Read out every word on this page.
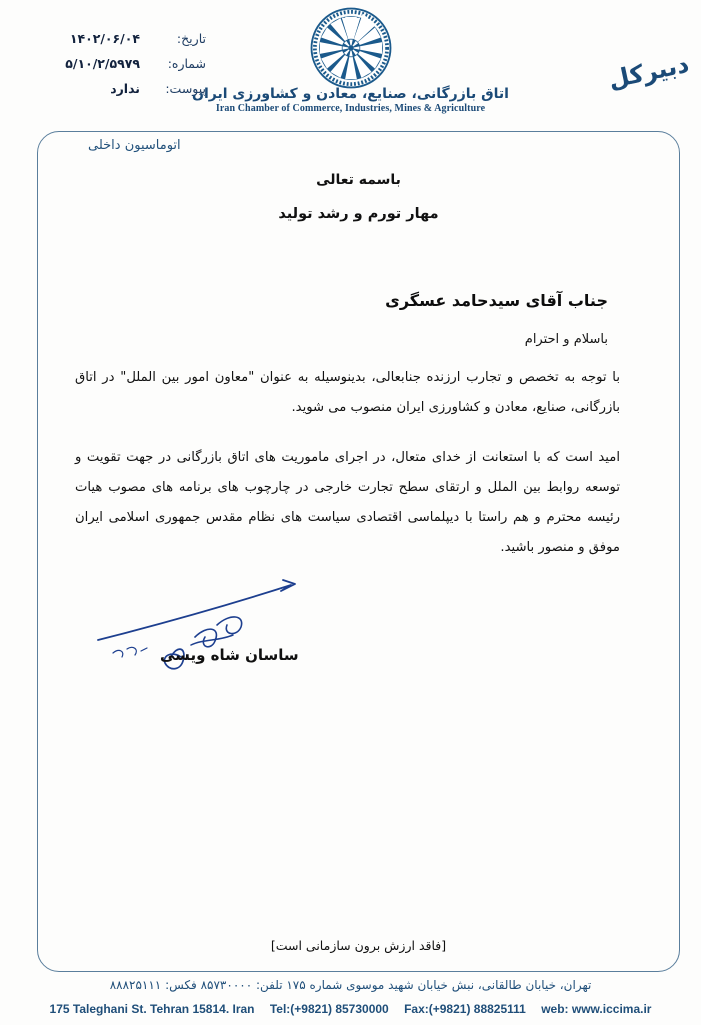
تاریخ:
۱۴۰۲/۰۶/۰۴
شماره:
۵/۱۰/۲/۵۹۷۹
پیوست:
ندارد	اتاق بازرگانی، صنایع، معادن و کشاورزی ایران
Iran Chamber of Commerce, Industries, Mines & Agriculture
دبیرکل
اتوماسیون داخلی
باسمه تعالی
مهار تورم و رشد تولید
جناب آقای سیدحامد عسگری
باسلام و احترام
با توجه به تخصص و تجارب ارزنده جنابعالی، بدینوسیله به عنوان "معاون امور بین الملل" در اتاق بازرگانی، صنایع، معادن و کشاورزی ایران منصوب می شوید.
امید است که با استعانت از خدای متعال، در اجرای ماموریت های اتاق بازرگانی در جهت تقویت و توسعه روابط بین الملل و ارتقای سطح تجارت خارجی در چارچوب های برنامه های مصوب هیات رئیسه محترم و هم راستا با دیپلماسی اقتصادی سیاست های نظام مقدس جمهوری اسلامی ایران موفق و منصور باشید.
ساسان شاه ویسی
[فاقد ارزش برون سازمانی است]
تهران، خیابان طالقانی، نبش خیابان شهید موسوی شماره ۱۷۵ تلفن: ۸۵۷۳۰۰۰۰ فکس: ۸۸۸۲۵۱۱۱
175 Taleghani St. Tehran 15814. Iran Tel:(+9821) 85730000 Fax:(+9821) 88825111 web: www.iccima.ir
